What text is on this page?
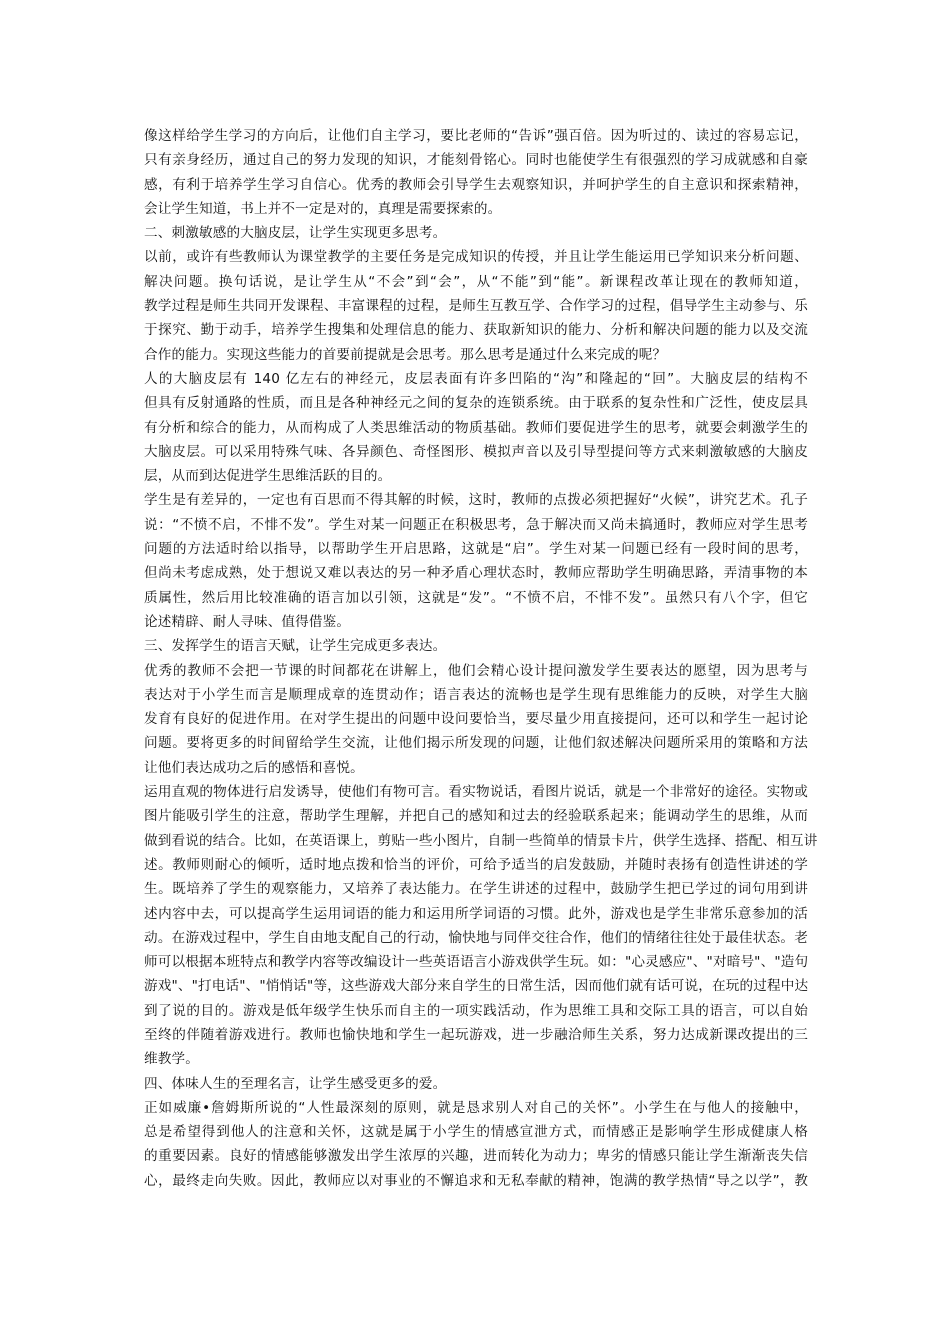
像这样给学生学习的方向后，让他们自主学习，要比老师的“告诉”强百倍。因为听过的、读过的容易忘记，
只有亲身经历，通过自己的努力发现的知识，才能刻骨铭心。同时也能使学生有很强烈的学习成就感和自豪
感，有利于培养学生学习自信心。优秀的教师会引导学生去观察知识，并呵护学生的自主意识和探索精神，
会让学生知道，书上并不一定是对的，真理是需要探索的。
二、刺激敏感的大脑皮层，让学生实现更多思考。
以前，或许有些教师认为课堂教学的主要任务是完成知识的传授，并且让学生能运用已学知识来分析问题、
解决问题。换句话说，是让学生从“不会”到“会”，从“不能”到“能”。新课程改革让现在的教师知道，
教学过程是师生共同开发课程、丰富课程的过程，是师生互教互学、合作学习的过程，倡导学生主动参与、乐
于探究、勤于动手，培养学生搜集和处理信息的能力、获取新知识的能力、分析和解决问题的能力以及交流
合作的能力。实现这些能力的首要前提就是会思考。那么思考是通过什么来完成的呢？
人的大脑皮层有 140 亿左右的神经元，皮层表面有许多凹陷的“沟”和隆起的“回”。大脑皮层的结构不
但具有反射通路的性质，而且是各种神经元之间的复杂的连锁系统。由于联系的复杂性和广泛性，使皮层具
有分析和综合的能力，从而构成了人类思维活动的物质基础。教师们要促进学生的思考，就要会刺激学生的
大脑皮层。可以采用特殊气味、各异颜色、奇怪图形、模拟声音以及引导型提问等方式来刺激敏感的大脑皮
层，从而到达促进学生思维活跃的目的。
学生是有差异的，一定也有百思而不得其解的时候，这时，教师的点拨必须把握好“火候”，讲究艺术。孔子
说：“不愤不启，不悱不发”。学生对某一问题正在积极思考，急于解决而又尚未搞通时，教师应对学生思考
问题的方法适时给以指导，以帮助学生开启思路，这就是“启”。学生对某一问题已经有一段时间的思考，
但尚未考虑成熟，处于想说又难以表达的另一种矛盾心理状态时，教师应帮助学生明确思路，弄清事物的本
质属性，然后用比较准确的语言加以引领，这就是“发”。“不愤不启，不悱不发”。虽然只有八个字，但它
论述精辟、耐人寻味、值得借鉴。
三、发挥学生的语言天赋，让学生完成更多表达。
优秀的教师不会把一节课的时间都花在讲解上，他们会精心设计提问激发学生要表达的愿望，因为思考与
表达对于小学生而言是顺理成章的连贯动作；语言表达的流畅也是学生现有思维能力的反映，对学生大脑
发育有良好的促进作用。在对学生提出的问题中设问要恰当，要尽量少用直接提问，还可以和学生一起讨论
问题。要将更多的时间留给学生交流，让他们揭示所发现的问题，让他们叙述解决问题所采用的策略和方法
让他们表达成功之后的感悟和喜悦。
运用直观的物体进行启发诱导，使他们有物可言。看实物说话，看图片说话，就是一个非常好的途径。实物或
图片能吸引学生的注意，帮助学生理解，并把自己的感知和过去的经验联系起来；能调动学生的思维，从而
做到看说的结合。比如，在英语课上，剪贴一些小图片，自制一些简单的情景卡片，供学生选择、搭配、相互讲
述。教师则耐心的倾听，适时地点拨和恰当的评价，可给予适当的启发鼓励，并随时表扬有创造性讲述的学
生。既培养了学生的观察能力，又培养了表达能力。在学生讲述的过程中，鼓励学生把已学过的词句用到讲
述内容中去，可以提高学生运用词语的能力和运用所学词语的习惯。此外，游戏也是学生非常乐意参加的活
动。在游戏过程中，学生自由地支配自己的行动，愉快地与同伴交往合作，他们的情绪往往处于最佳状态。老
师可以根据本班特点和教学内容等改编设计一些英语语言小游戏供学生玩。如："心灵感应"、"对暗号"、"造句
游戏"、"打电话"、"悄悄话"等，这些游戏大部分来自学生的日常生活，因而他们就有话可说，在玩的过程中达
到了说的目的。游戏是低年级学生快乐而自主的一项实践活动，作为思维工具和交际工具的语言，可以自始
至终的伴随着游戏进行。教师也愉快地和学生一起玩游戏，进一步融洽师生关系，努力达成新课改提出的三
维教学。
四、体味人生的至理名言，让学生感受更多的爱。
正如威廉•詹姆斯所说的“人性最深刻的原则，就是恳求别人对自己的关怀”。小学生在与他人的接触中，
总是希望得到他人的注意和关怀，这就是属于小学生的情感宣泄方式，而情感正是影响学生形成健康人格
的重要因素。良好的情感能够激发出学生浓厚的兴趣，进而转化为动力；卑劣的情感只能让学生渐渐丧失信
心，最终走向失败。因此，教师应以对事业的不懈追求和无私奉献的精神，饱满的教学热情“导之以学”，教
